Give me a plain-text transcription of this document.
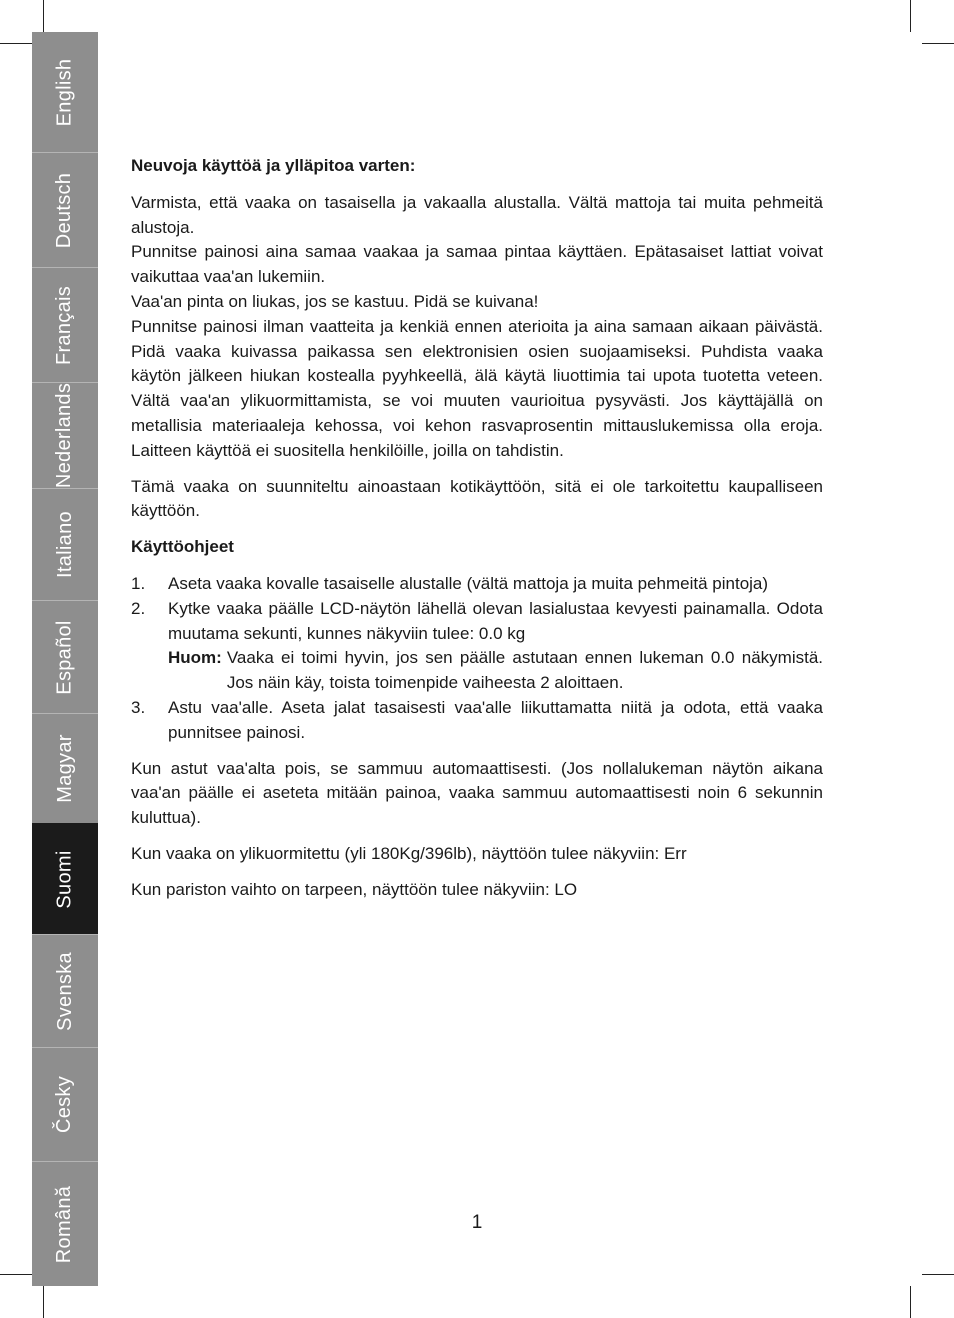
English
Deutsch
Français
Nederlands
Italiano
Español
Magyar
Suomi
Svenska
Česky
Română

Neuvoja käyttöä ja ylläpitoa varten:

Varmista, että vaaka on tasaisella ja vakaalla alustalla. Vältä mattoja tai muita pehmeitä alustoja.

Punnitse painosi aina samaa vaakaa ja samaa pintaa käyttäen. Epätasaiset lattiat voivat vaikuttaa vaa'an lukemiin.

Vaa'an pinta on liukas, jos se kastuu. Pidä se kuivana!

Punnitse painosi ilman vaatteita ja kenkiä ennen aterioita ja aina samaan aikaan päivästä. Pidä vaaka kuivassa paikassa sen elektronisien osien suojaamiseksi. Puhdista vaaka käytön jälkeen hiukan kostealla pyyhkeellä, älä käytä liuottimia tai upota tuotetta veteen. Vältä vaa'an ylikuormittamista, se voi muuten vaurioitua pysyvästi. Jos käyttäjällä on metallisia materiaaleja kehossa, voi kehon rasvaprosentin mittauslukemissa olla eroja. Laitteen käyttöä ei suositella henkilöille, joilla on tahdistin.

Tämä vaaka on suunniteltu ainoastaan kotikäyttöön, sitä ei ole tarkoitettu kaupalliseen käyttöön.

Käyttöohjeet

1. Aseta vaaka kovalle tasaiselle alustalle (vältä mattoja ja muita pehmeitä pintoja)
2. Kytke vaaka päälle LCD-näytön lähellä olevan lasialustaa kevyesti painamalla. Odota muutama sekunti, kunnes näkyviin tulee: 0.0 kg
Huom: Vaaka ei toimi hyvin, jos sen päälle astutaan ennen lukeman 0.0 näkymistä. Jos näin käy, toista toimenpide vaiheesta 2 aloittaen.
3. Astu vaa'alle. Aseta jalat tasaisesti vaa'alle liikuttamatta niitä ja odota, että vaaka punnitsee painosi.

Kun astut vaa'alta pois, se sammuu automaattisesti. (Jos nollalukeman näytön aikana vaa'an päälle ei aseteta mitään painoa, vaaka sammuu automaattisesti noin 6 sekunnin kuluttua).

Kun vaaka on ylikuormitettu (yli 180Kg/396lb), näyttöön tulee näkyviin: Err

Kun pariston vaihto on tarpeen, näyttöön tulee näkyviin: LO

1
